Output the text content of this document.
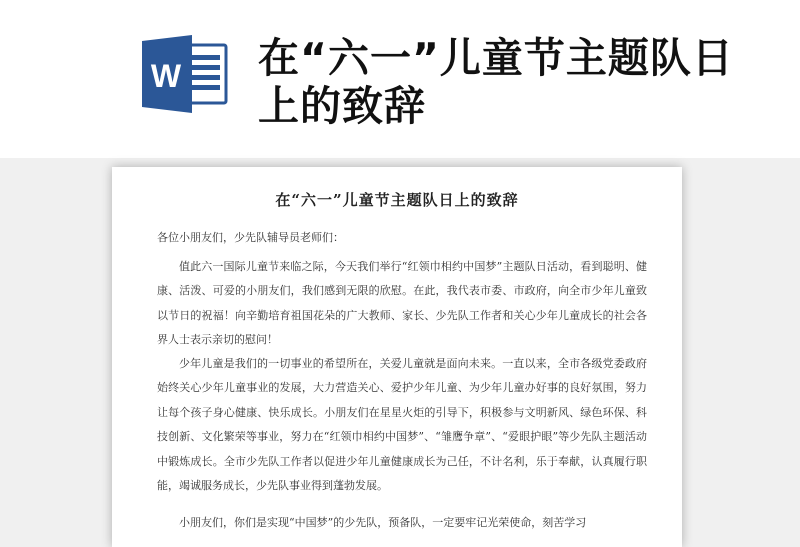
W 在“六一”儿童节主题队日上的致辞
在“六一”儿童节主题队日上的致辞
各位小朋友们，少先队辅导员老师们：

值此六一国际儿童节来临之际，今天我们举行“红领巾相约中国梦”主题队日活动，看到聪明、健康、活泼、可爱的小朋友们，我们感到无限的欣慰。在此，我代表市委、市政府，向全市少年儿童致以节日的祝福！向辛勤培育祖国花朵的广大教师、家长、少先队工作者和关心少年儿童成长的社会各界人士表示亲切的慰问！

少年儿童是我们的一切事业的希望所在，关爱儿童就是面向未来。一直以来，全市各级党委政府始终关心少年儿童事业的发展，大力营造关心、爱护少年儿童、为少年儿童办好事的良好氛围，努力让每个孩子身心健康、快乐成长。小朋友们在星星火炬的引导下，积极参与文明新风、绿色环保、科技创新、文化繁荣等事业，努力在“红领巾相约中国梦”、“雏鹰争章”、“爱眼护眼”等少先队主题活动中锻炼成长。全市少先队工作者以促进少年儿童健康成长为己任，不计名利，乐于奉献，认真履行职能，竭诚服务成长，少先队事业得到蓬勃发展。

小朋友们，你们是实现“中国梦”的少先队，预备队，一定要牢记光荣使命，刻苦学习
